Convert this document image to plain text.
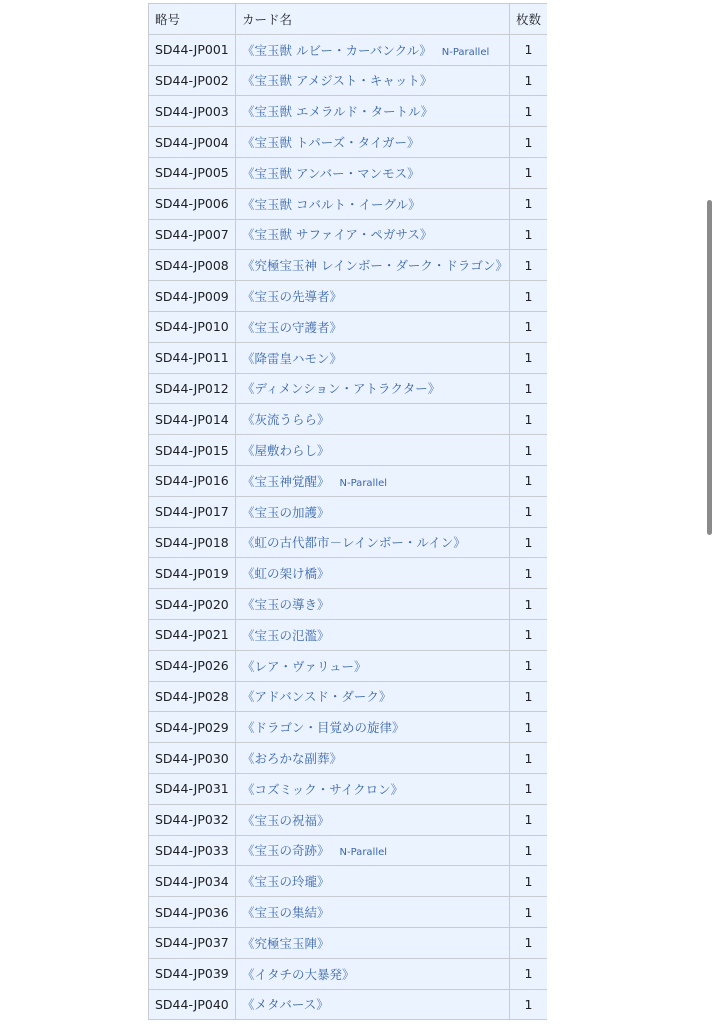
略号	カード名	枚数
SD44-JP001	《宝玉獣 ルビー・カーバンクル》 N-Parallel	1
SD44-JP002	《宝玉獣 アメジスト・キャット》	1
SD44-JP003	《宝玉獣 エメラルド・タートル》	1
SD44-JP004	《宝玉獣 トパーズ・タイガー》	1
SD44-JP005	《宝玉獣 アンバー・マンモス》	1
SD44-JP006	《宝玉獣 コバルト・イーグル》	1
SD44-JP007	《宝玉獣 サファイア・ペガサス》	1
SD44-JP008	《究極宝玉神 レインボー・ダーク・ドラゴン》	1
SD44-JP009	《宝玉の先導者》	1
SD44-JP010	《宝玉の守護者》	1
SD44-JP011	《降雷皇ハモン》	1
SD44-JP012	《ディメンション・アトラクター》	1
SD44-JP014	《灰流うらら》	1
SD44-JP015	《屋敷わらし》	1
SD44-JP016	《宝玉神覚醒》 N-Parallel	1
SD44-JP017	《宝玉の加護》	1
SD44-JP018	《虹の古代都市－レインボー・ルイン》	1
SD44-JP019	《虹の架け橋》	1
SD44-JP020	《宝玉の導き》	1
SD44-JP021	《宝玉の氾濫》	1
SD44-JP026	《レア・ヴァリュー》	1
SD44-JP028	《アドバンスド・ダーク》	1
SD44-JP029	《ドラゴン・目覚めの旋律》	1
SD44-JP030	《おろかな副葬》	1
SD44-JP031	《コズミック・サイクロン》	1
SD44-JP032	《宝玉の祝福》	1
SD44-JP033	《宝玉の奇跡》 N-Parallel	1
SD44-JP034	《宝玉の玲瓏》	1
SD44-JP036	《宝玉の集結》	1
SD44-JP037	《究極宝玉陣》	1
SD44-JP039	《イタチの大暴発》	1
SD44-JP040	《メタバース》	1
